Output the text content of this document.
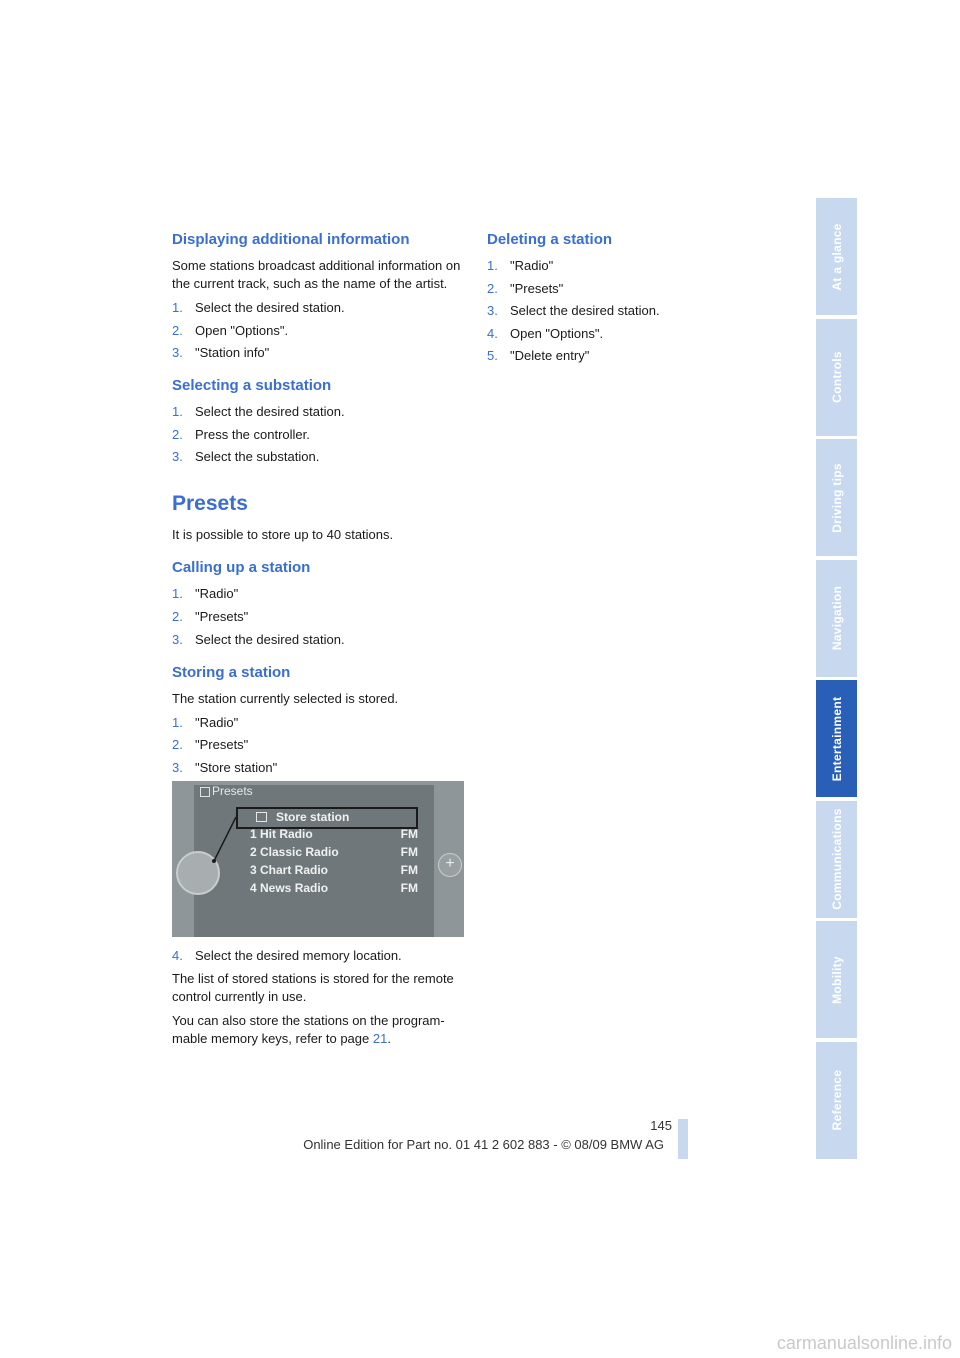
Displaying additional information

Some stations broadcast additional information on the current track, such as the name of the artist.

1. Select the desired station.
2. Open "Options".
3. "Station info"
Selecting a substation
1. Select the desired station.
2. Press the controller.
3. Select the substation.
Presets

It is possible to store up to 40 stations.

Calling up a station
1. "Radio"
2. "Presets"
3. Select the desired station.
Storing a station

The station currently selected is stored.

1. "Radio"
2. "Presets"
3. "Store station"
Presets
Store station
1 Hit Radio	FM
2 Classic Radio	FM
3 Chart Radio	FM
4 News Radio	FM
+
4. Select the desired memory location.

The list of stored stations is stored for the remote control currently in use.

You can also store the stations on the program-mable memory keys, refer to page 21.

Deleting a station
1. "Radio"
2. "Presets"
3. Select the desired station.
4. Open "Options".
5. "Delete entry"
At a glance
Controls
Driving tips
Navigation
Entertainment
Communications
Mobility
Reference
145
Online Edition for Part no. 01 41 2 602 883 - © 08/09 BMW AG
carmanualsonline.info
